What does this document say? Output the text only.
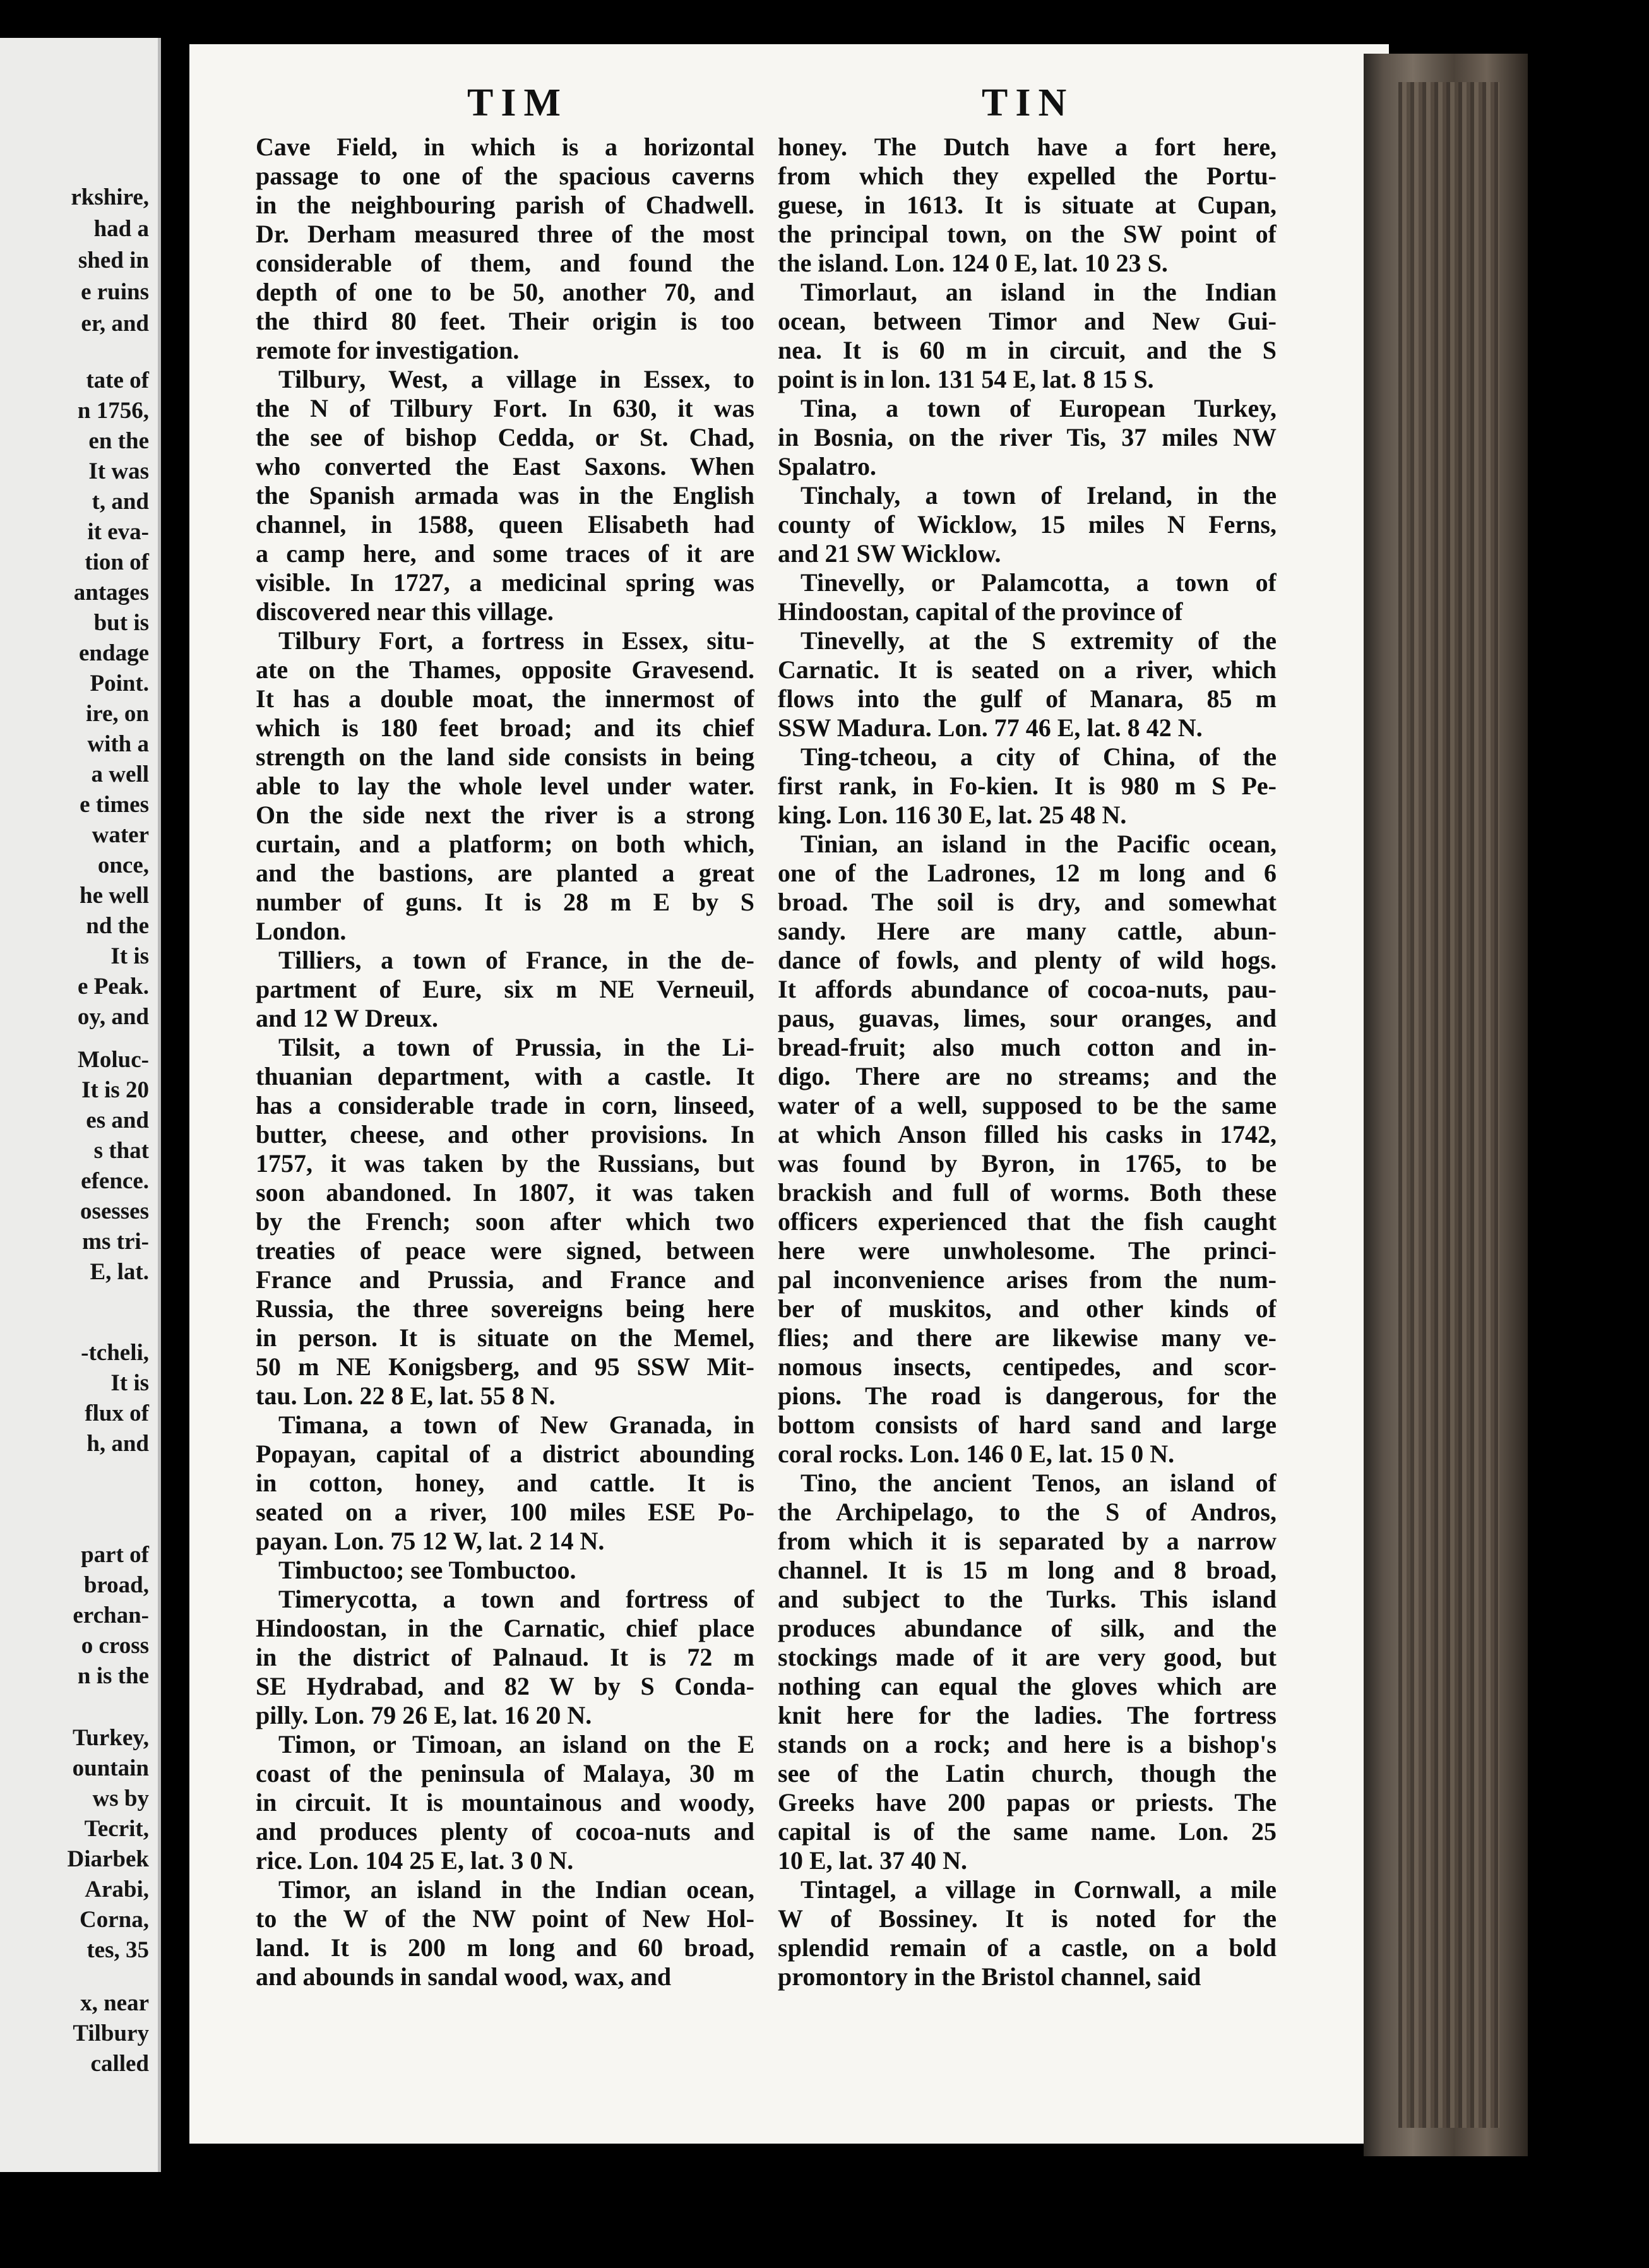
rkshire,
had a
shed in
e ruins
er, and
tate of
n 1756,
en the
It was
t, and
it eva-
tion of
antages
but is
endage
Point.
ire, on
with a
a well
e times
water
once,
he well
nd the
It is
e Peak.
oy, and
Moluc-
It is 20
es and
s that
efence.
osesses
ms tri-
E, lat.
-tcheli,
It is
flux of
h, and
part of
broad,
erchan-
o cross
n is the
Turkey,
ountain
ws by
Tecrit,
Diarbek
Arabi,
Corna,
tes, 35
x, near
Tilbury
called
TIM	TIN
Cave Field, in which is a horizontal
passage to one of the spacious caverns
in the neighbouring parish of Chadwell.
Dr. Derham measured three of the most
considerable of them, and found the
depth of one to be 50, another 70, and
the third 80 feet. Their origin is too
remote for investigation.
Tilbury, West, a village in Essex, to
the N of Tilbury Fort. In 630, it was
the see of bishop Cedda, or St. Chad,
who converted the East Saxons. When
the Spanish armada was in the English
channel, in 1588, queen Elisabeth had
a camp here, and some traces of it are
visible. In 1727, a medicinal spring was
discovered near this village.
Tilbury Fort, a fortress in Essex, situ-
ate on the Thames, opposite Gravesend.
It has a double moat, the innermost of
which is 180 feet broad; and its chief
strength on the land side consists in being
able to lay the whole level under water.
On the side next the river is a strong
curtain, and a platform; on both which,
and the bastions, are planted a great
number of guns. It is 28 m E by S
London.
Tilliers, a town of France, in the de-
partment of Eure, six m NE Verneuil,
and 12 W Dreux.
Tilsit, a town of Prussia, in the Li-
thuanian department, with a castle. It
has a considerable trade in corn, linseed,
butter, cheese, and other provisions. In
1757, it was taken by the Russians, but
soon abandoned. In 1807, it was taken
by the French; soon after which two
treaties of peace were signed, between
France and Prussia, and France and
Russia, the three sovereigns being here
in person. It is situate on the Memel,
50 m NE Konigsberg, and 95 SSW Mit-
tau. Lon. 22 8 E, lat. 55 8 N.
Timana, a town of New Granada, in
Popayan, capital of a district abounding
in cotton, honey, and cattle. It is
seated on a river, 100 miles ESE Po-
payan. Lon. 75 12 W, lat. 2 14 N.
Timbuctoo; see Tombuctoo.
Timerycotta, a town and fortress of
Hindoostan, in the Carnatic, chief place
in the district of Palnaud. It is 72 m
SE Hydrabad, and 82 W by S Conda-
pilly. Lon. 79 26 E, lat. 16 20 N.
Timon, or Timoan, an island on the E
coast of the peninsula of Malaya, 30 m
in circuit. It is mountainous and woody,
and produces plenty of cocoa-nuts and
rice. Lon. 104 25 E, lat. 3 0 N.
Timor, an island in the Indian ocean,
to the W of the NW point of New Hol-
land. It is 200 m long and 60 broad,
and abounds in sandal wood, wax, and
honey. The Dutch have a fort here,
from which they expelled the Portu-
guese, in 1613. It is situate at Cupan,
the principal town, on the SW point of
the island. Lon. 124 0 E, lat. 10 23 S.
Timorlaut, an island in the Indian
ocean, between Timor and New Gui-
nea. It is 60 m in circuit, and the S
point is in lon. 131 54 E, lat. 8 15 S.
Tina, a town of European Turkey,
in Bosnia, on the river Tis, 37 miles NW
Spalatro.
Tinchaly, a town of Ireland, in the
county of Wicklow, 15 miles N Ferns,
and 21 SW Wicklow.
Tinevelly, or Palamcotta, a town of
Hindoostan, capital of the province of
Tinevelly, at the S extremity of the
Carnatic. It is seated on a river, which
flows into the gulf of Manara, 85 m
SSW Madura. Lon. 77 46 E, lat. 8 42 N.
Ting-tcheou, a city of China, of the
first rank, in Fo-kien. It is 980 m S Pe-
king. Lon. 116 30 E, lat. 25 48 N.
Tinian, an island in the Pacific ocean,
one of the Ladrones, 12 m long and 6
broad. The soil is dry, and somewhat
sandy. Here are many cattle, abun-
dance of fowls, and plenty of wild hogs.
It affords abundance of cocoa-nuts, pau-
paus, guavas, limes, sour oranges, and
bread-fruit; also much cotton and in-
digo. There are no streams; and the
water of a well, supposed to be the same
at which Anson filled his casks in 1742,
was found by Byron, in 1765, to be
brackish and full of worms. Both these
officers experienced that the fish caught
here were unwholesome. The princi-
pal inconvenience arises from the num-
ber of muskitos, and other kinds of
flies; and there are likewise many ve-
nomous insects, centipedes, and scor-
pions. The road is dangerous, for the
bottom consists of hard sand and large
coral rocks. Lon. 146 0 E, lat. 15 0 N.
Tino, the ancient Tenos, an island of
the Archipelago, to the S of Andros,
from which it is separated by a narrow
channel. It is 15 m long and 8 broad,
and subject to the Turks. This island
produces abundance of silk, and the
stockings made of it are very good, but
nothing can equal the gloves which are
knit here for the ladies. The fortress
stands on a rock; and here is a bishop's
see of the Latin church, though the
Greeks have 200 papas or priests. The
capital is of the same name. Lon. 25
10 E, lat. 37 40 N.
Tintagel, a village in Cornwall, a mile
W of Bossiney. It is noted for the
splendid remain of a castle, on a bold
promontory in the Bristol channel, said
